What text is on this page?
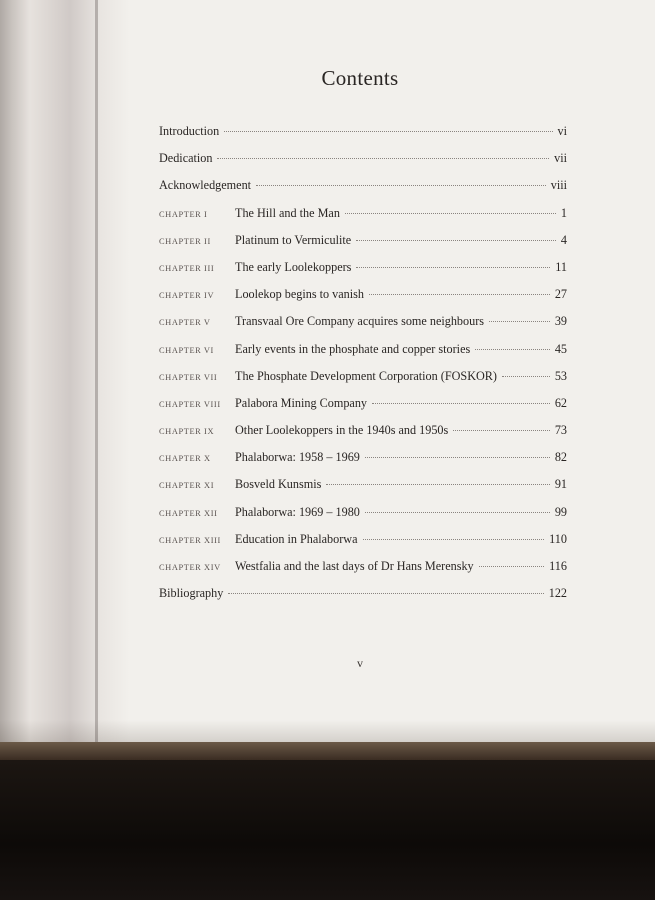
Contents
Introduction	vi
Dedication	vii
Acknowledgement	viii
CHAPTER I	The Hill and the Man	1
CHAPTER II	Platinum to Vermiculite	4
CHAPTER III	The early Loolekoppers	11
CHAPTER IV	Loolekop begins to vanish	27
CHAPTER V	Transvaal Ore Company acquires some neighbours	39
CHAPTER VI	Early events in the phosphate and copper stories	45
CHAPTER VII	The Phosphate Development Corporation (FOSKOR)	53
CHAPTER VIII	Palabora Mining Company	62
CHAPTER IX	Other Loolekoppers in the 1940s and 1950s	73
CHAPTER X	Phalaborwa: 1958 – 1969	82
CHAPTER XI	Bosveld Kunsmis	91
CHAPTER XII	Phalaborwa: 1969 – 1980	99
CHAPTER XIII	Education in Phalaborwa	110
CHAPTER XIV	Westfalia and the last days of Dr Hans Merensky	116
Bibliography	122
v
